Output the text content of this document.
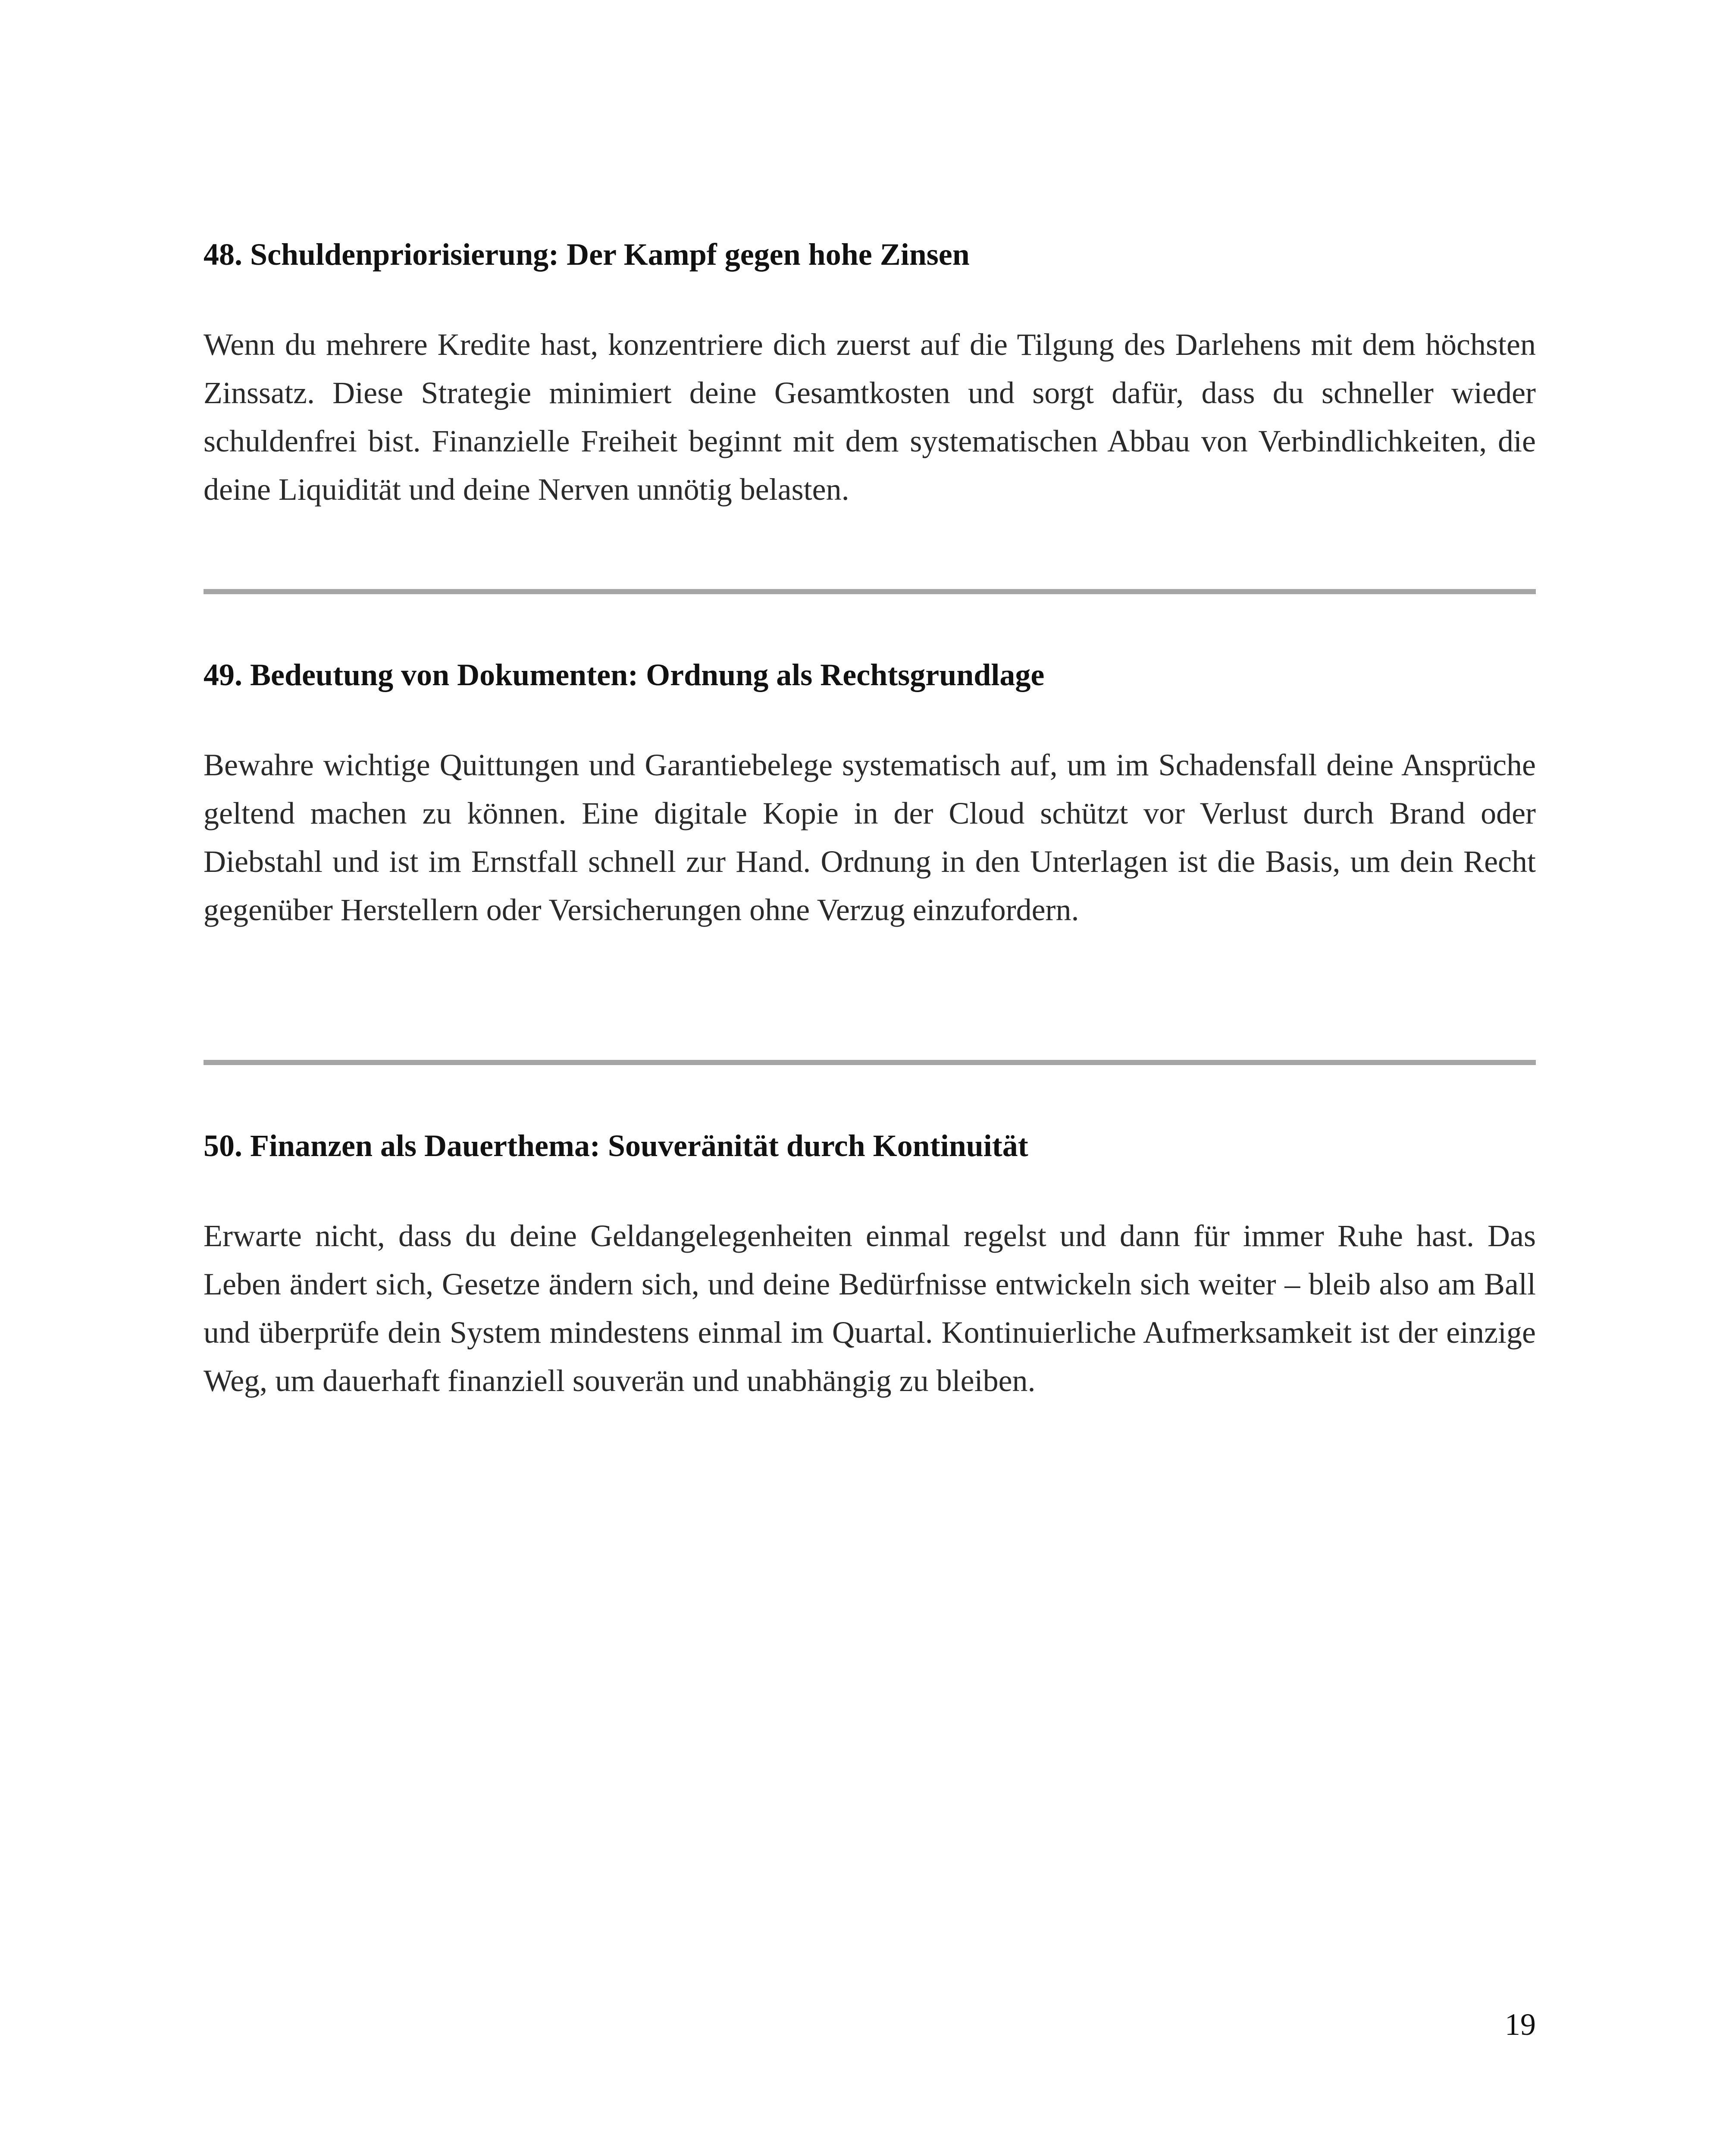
48. Schuldenpriorisierung: Der Kampf gegen hohe Zinsen

Wenn du mehrere Kredite hast, konzentriere dich zuerst auf die Tilgung des Darlehens mit dem höchsten Zinssatz. Diese Strategie minimiert deine Gesamtkosten und sorgt dafür, dass du schneller wieder schuldenfrei bist. Finanzielle Freiheit beginnt mit dem systematischen Abbau von Verbindlichkeiten, die deine Liquidität und deine Nerven unnötig belasten.

49. Bedeutung von Dokumenten: Ordnung als Rechtsgrundlage

Bewahre wichtige Quittungen und Garantiebelege systematisch auf, um im Schadensfall deine Ansprüche geltend machen zu können. Eine digitale Kopie in der Cloud schützt vor Verlust durch Brand oder Diebstahl und ist im Ernstfall schnell zur Hand. Ordnung in den Unterlagen ist die Basis, um dein Recht gegenüber Herstellern oder Versicherungen ohne Verzug einzufordern.

50. Finanzen als Dauerthema: Souveränität durch Kontinuität

Erwarte nicht, dass du deine Geldangelegenheiten einmal regelst und dann für immer Ruhe hast. Das Leben ändert sich, Gesetze ändern sich, und deine Bedürfnisse entwickeln sich weiter – bleib also am Ball und überprüfe dein System mindestens einmal im Quartal. Kontinuierliche Aufmerksamkeit ist der einzige Weg, um dauerhaft finanziell souverän und unabhängig zu bleiben.

19
